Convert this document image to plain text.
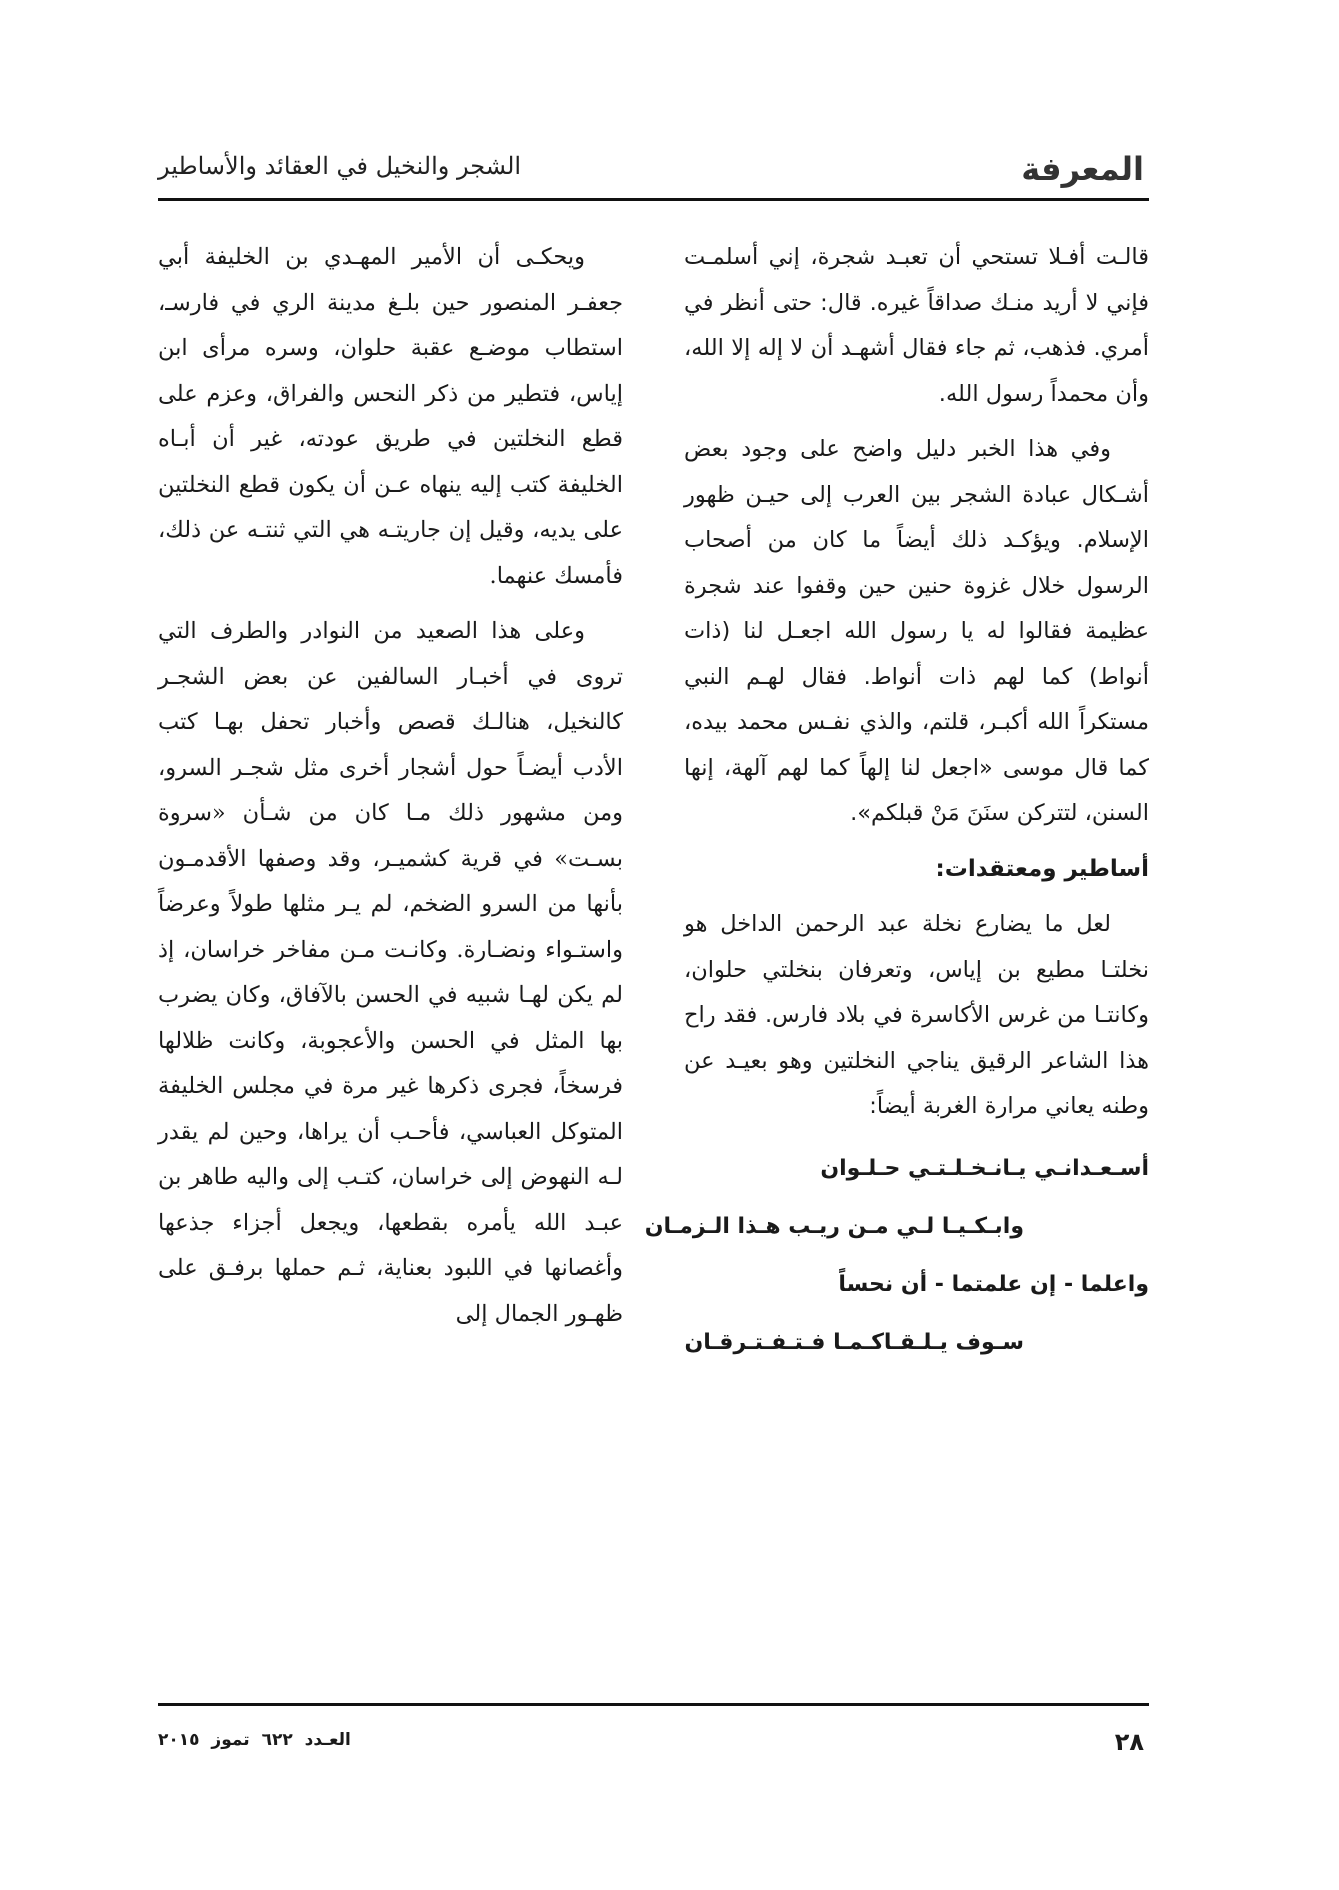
المعرفة
الشجر والنخيل في العقائد والأساطير

قالـت أفـلا تستحي أن تعبـد شجرة، إني أسلمـت فإني لا أريد منـك صداقاً غيره. قال: حتى أنظر في أمري. فذهب، ثم جاء فقال أشهـد أن لا إله إلا الله، وأن محمداً رسول الله.

وفي هذا الخبر دليل واضح على وجود بعض أشـكال عبادة الشجر بين العرب إلى حيـن ظهور الإسلام. ويؤكـد ذلك أيضاً ما كان من أصحاب الرسول خلال غزوة حنين حين وقفوا عند شجرة عظيمة فقالوا له يا رسول الله اجعـل لنا (ذات أنواط) كما لهم ذات أنواط. فقال لهـم النبي مستكراً الله أكبـر، قلتم، والذي نفـس محمد بيده، كما قال موسى «اجعل لنا إلهاً كما لهم آلهة، إنها السنن، لتتركن سنَنَ مَنْ قبلكم».

أساطير ومعتقدات:

لعل ما يضارع نخلة عبد الرحمن الداخل هو نخلتـا مطيع بن إياس، وتعرفان بنخلتي حلوان، وكانتـا من غرس الأكاسرة في بلاد فارس. فقد راح هذا الشاعر الرقيق يناجي النخلتين وهو بعيـد عن وطنه يعاني مرارة الغربة أيضاً:

أسـعـدانـي يـانـخـلـتـي حـلـوان
وابـكـيـا لـي مـن ريـب هـذا الـزمـان
واعلما - إن علمتما - أن نحساً
سـوف يـلـقـاكـمـا فـتـفـتـرقـان

ويحكـى أن الأمير المهـدي بن الخليفة أبي جعفـر المنصور حين بلـغ مدينة الري في فارسـ، استطاب موضـع عقبة حلوان، وسره مرأى ابن إياس، فتطير من ذكر النحس والفراق، وعزم على قطع النخلتين في طريق عودته، غير أن أبـاه الخليفة كتب إليه ينهاه عـن أن يكون قطع النخلتين على يديه، وقيل إن جاريتـه هي التي ثنتـه عن ذلك، فأمسك عنهما.

وعلى هذا الصعيد من النوادر والطرف التي تروى في أخبـار السالفين عن بعض الشجـر كالنخيل، هنالـك قصص وأخبار تحفل بهـا كتب الأدب أيضـاً حول أشجار أخرى مثل شجـر السرو، ومن مشهور ذلك مـا كان من شـأن «سروة بسـت» في قرية كشميـر، وقد وصفها الأقدمـون بأنها من السرو الضخم، لم يـر مثلها طولاً وعرضاً واستـواء ونضـارة. وكانـت مـن مفاخر خراسان، إذ لم يكن لهـا شبيه في الحسن بالآفاق، وكان يضرب بها المثل في الحسن والأعجوبة، وكانت ظلالها فرسخاً، فجرى ذكرها غير مرة في مجلس الخليفة المتوكل العباسي، فأحـب أن يراها، وحين لم يقدر لـه النهوض إلى خراسان، كتـب إلى واليه طاهر بن عبـد الله يأمره بقطعها، ويجعل أجزاء جذعها وأغصانها في اللبود بعناية، ثـم حملها برفـق على ظهـور الجمال إلى

٢٨
العـدد ٦٢٢ تموز ٢٠١٥
